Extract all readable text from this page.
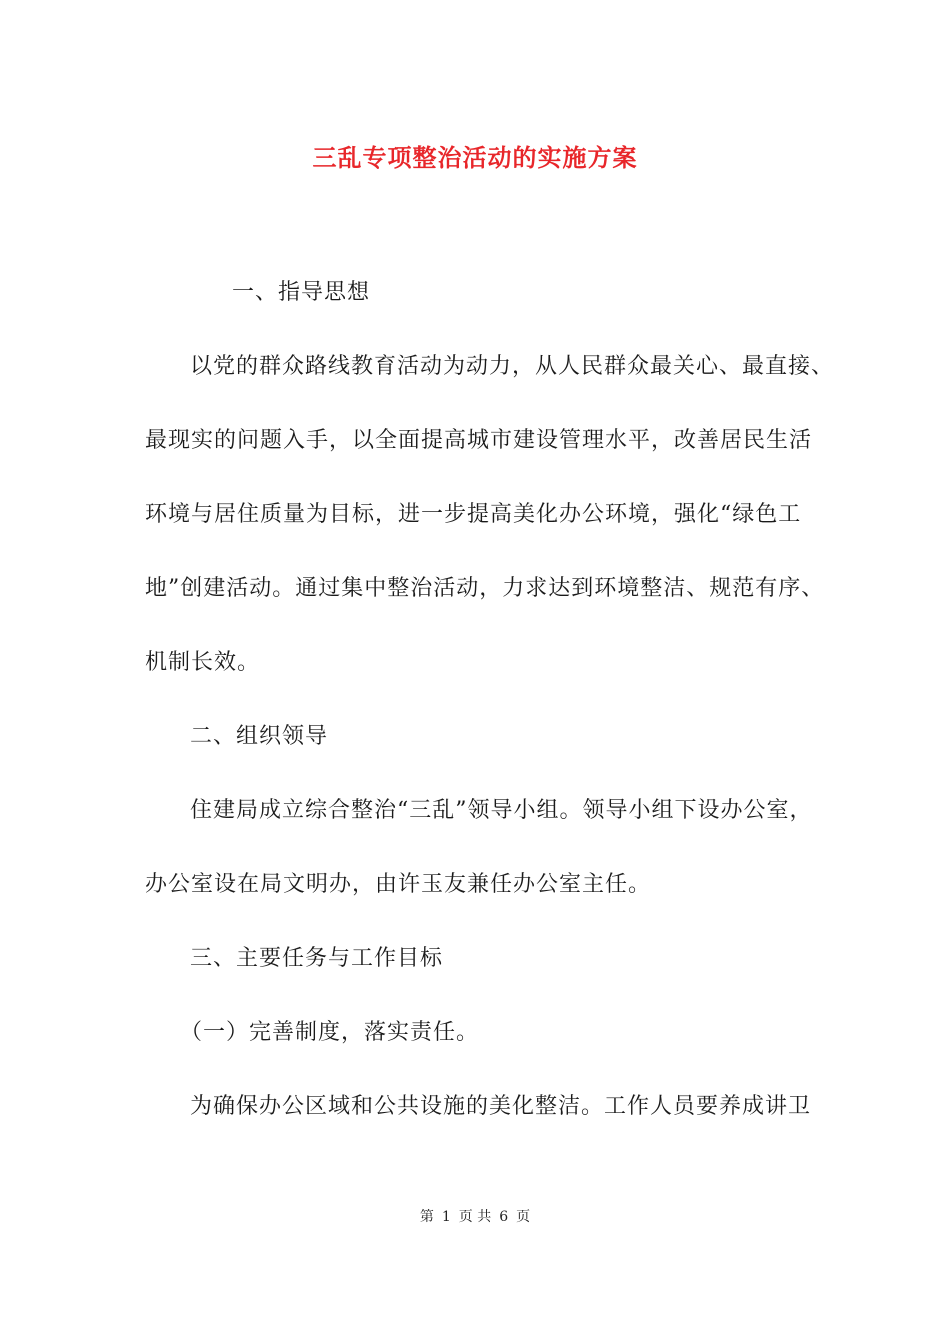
三乱专项整治活动的实施方案
一、指导思想
以党的群众路线教育活动为动力，从人民群众最关心、最直接、
最现实的问题入手，以全面提高城市建设管理水平，改善居民生活
环境与居住质量为目标，进一步提高美化办公环境，强化“绿色工
地”创建活动。通过集中整治活动，力求达到环境整洁、规范有序、
机制长效。
二、组织领导
住建局成立综合整治“三乱”领导小组。领导小组下设办公室，
办公室设在局文明办，由许玉友兼任办公室主任。
三、主要任务与工作目标
（一）完善制度，落实责任。
为确保办公区域和公共设施的美化整洁。工作人员要养成讲卫
第 1 页 共 6 页
